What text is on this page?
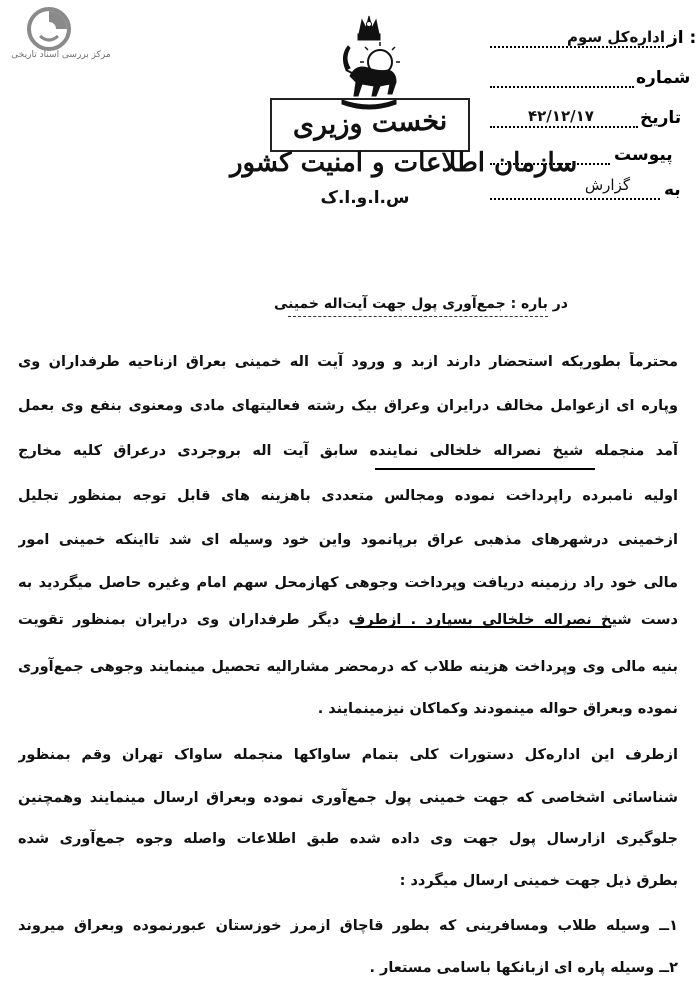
مرکز بررسی اسناد تاریخی
از :
اداره‌کل سوم
شماره
تاریخ
۴۲/۱۲/۱۷
پیوست
به
نخست وزیری
سازمان اطلاعات و امنیت کشور
س.ا.و.ا.ک
گزارش
در باره : جمع‌آوری پول جهت آیت‌اله خمینی
محترماً بطوریکه استحضار دارند ازبد و ورود آیت اله خمینی بعراق ازناحیه طرفداران وی
وپاره ای ازعوامل مخالف درایران وعراق بیک رشته فعالیتهای مادی ومعنوی بنفع وی بعمل
آمد منجمله شیخ نصراله خلخالی نماینده سابق آیت اله بروجردی درعراق کلیه مخارج
اولیه نامبرده راپرداخت نموده ومجالس متعددی باهزینه های قابل توجه بمنظور تجلیل
ازخمینی درشهرهای مذهبی عراق برپانمود واین خود وسیله ای شد تااینکه خمینی امور
مالی خود راد رزمینه دریافت وپرداخت وجوهی کهازمحل سهم امام وغیره حاصل میگردید به
دست شیخ نصراله خلخالی بسپارد . ازطرف دیگر طرفداران وی درایران بمنظور تقویت
بنیه مالی وی وپرداخت هزینه طلاب که درمحضر مشارالیه تحصیل مینمایند وجوهی جمع‌آوری
نموده وبعراق حواله مینمودند وکماکان نیزمینمایند .
ازطرف این اداره‌کل دستورات کلی بتمام ساواکها منجمله ساواک تهران وقم بمنظور
شناسائی اشخاصی که جهت خمینی پول جمع‌آوری نموده وبعراق ارسال مینمایند وهمچنین
جلوگیری ازارسال پول جهت وی داده شده طبق اطلاعات واصله وجوه جمع‌آوری شده
بطرق ذیل جهت خمینی ارسال میگردد :
۱ــ وسیله طلاب ومسافرینی که بطور قاچاق ازمرز خوزستان عبورنموده وبعراق میروند
۲ــ وسیله پاره ای ازبانکها باسامی مستعار .
